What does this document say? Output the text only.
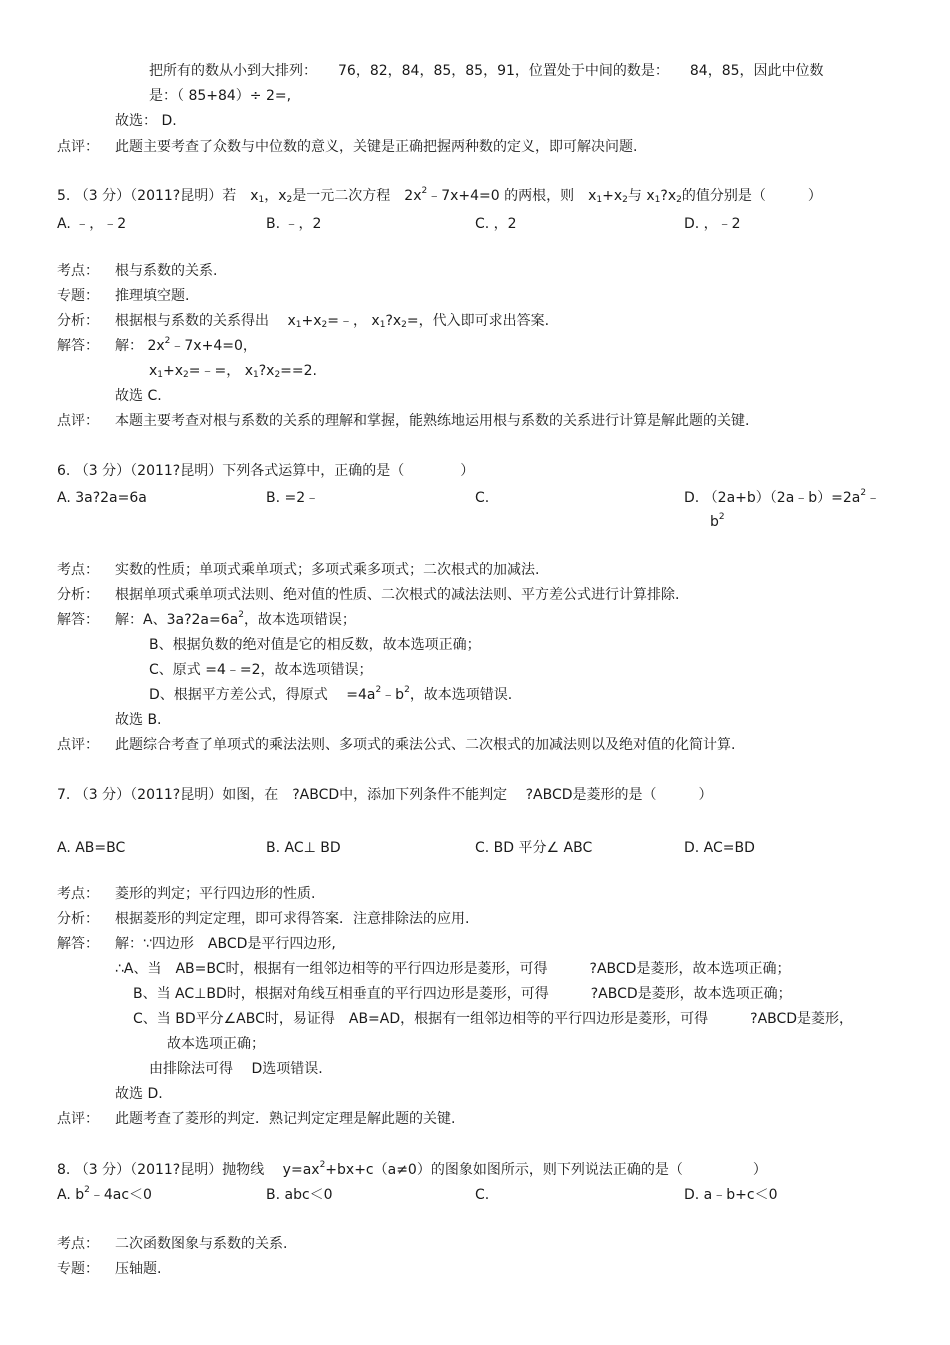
把所有的数从小到大排列：　　76，82，84，85，85，91，位置处于中间的数是：　　84，85，因此中位数
是：（ 85+84）÷ 2=,
故选： D.
点评： 此题主要考查了众数与中位数的意义，关键是正确把握两种数的定义，即可解决问题.
5. （3 分）（2011?昆明）若　$x_1$，$x_2$是一元二次方程　$2x^2﹣7x+4=0$ 的两根，则　$x_1+x_2$与 $x_1?x_2$的值分别是（　　　）
A. ﹣，﹣2	B. ﹣，2	C. ，2	D. ，﹣2
考点： 根与系数的关系.
专题： 推理填空题.
分析： 根据根与系数的关系得出　 $x_1+x_2=﹣$， $x_1?x_2=$，代入即可求出答案.
解答： 解： $2x^2﹣7x+4=0$，
$x_1+x_2=﹣=$， $x_1?x_2==2$.
故选 C.
点评： 本题主要考查对根与系数的关系的理解和掌握，能熟练地运用根与系数的关系进行计算是解此题的关键.
6. （3 分）（2011?昆明）下列各式运算中，正确的是（　　　　）
A. 3a?2a=6a	B. =2﹣	C.	D. $(2a+b)(2a﹣b)=2a^2﹣$
$b^2$
考点： 实数的性质；单项式乘单项式；多项式乘多项式；二次根式的加减法.
分析： 根据单项式乘单项式法则、绝对值的性质、二次根式的减法法则、平方差公式进行计算排除.
解答： 解：A、$3a?2a=6a^2$，故本选项错误；
B、根据负数的绝对值是它的相反数，故本选项正确；
C、原式 =4﹣=2，故本选项错误；
D、根据平方差公式，得原式　 $=4a^2﹣b^2$，故本选项错误.
故选 B.
点评： 此题综合考查了单项式的乘法法则、多项式的乘法公式、二次根式的加减法则以及绝对值的化简计算.
7. （3 分）（2011?昆明）如图，在　?ABCD中，添加下列条件不能判定　 ?ABCD是菱形的是（　　　）
A. AB=BC	B. AC⊥ BD	C. BD 平分∠ ABC	D. AC=BD
考点： 菱形的判定；平行四边形的性质.
分析： 根据菱形的判定定理，即可求得答案．注意排除法的应用.
解答： 解：∵四边形　ABCD是平行四边形,
∴A、当　AB=BC时，根据有一组邻边相等的平行四边形是菱形，可得　　　?ABCD是菱形，故本选项正确；
B、当 AC⊥BD时，根据对角线互相垂直的平行四边形是菱形，可得　　　?ABCD是菱形，故本选项正确；
C、当 BD平分∠ABC时，易证得　AB=AD，根据有一组邻边相等的平行四边形是菱形，可得　　　?ABCD是菱形，
故本选项正确；
由排除法可得　 D选项错误.
故选 D.
点评： 此题考查了菱形的判定．熟记判定定理是解此题的关键.
8. （3 分）（2011?昆明）抛物线　 $y=ax^2+bx+c(a\ne 0)$的图象如图所示，则下列说法正确的是（　　　　　）
A. $b^2﹣4ac<0$	B. abc＜0	C.	D. a﹣b+c＜0
考点： 二次函数图象与系数的关系.
专题： 压轴题.
